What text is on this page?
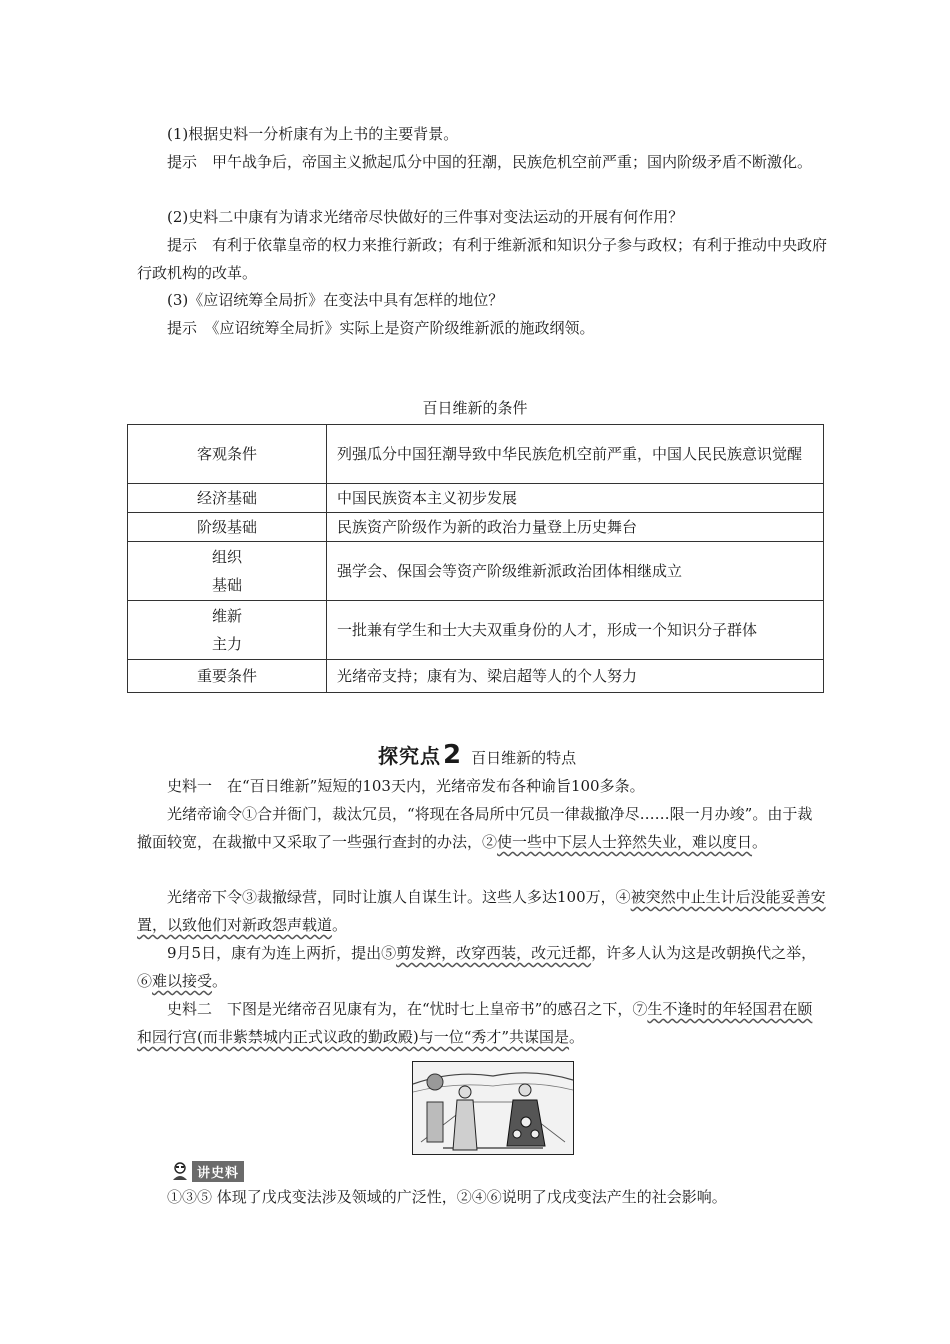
(1)根据史料一分析康有为上书的主要背景。

提示　甲午战争后，帝国主义掀起瓜分中国的狂潮，民族危机空前严重；国内阶级矛盾不断激化。

(2)史料二中康有为请求光绪帝尽快做好的三件事对变法运动的开展有何作用？

提示　有利于依靠皇帝的权力来推行新政；有利于维新派和知识分子参与政权；有利于推动中央政府行政机构的改革。

(3)《应诏统筹全局折》在变法中具有怎样的地位？

提示　《应诏统筹全局折》实际上是资产阶级维新派的施政纲领。

百日维新的条件
客观条件	列强瓜分中国狂潮导致中华民族危机空前严重，中国人民民族意识觉醒
经济基础	中国民族资本主义初步发展
阶级基础	民族资产阶级作为新的政治力量登上历史舞台

组织
基础	强学会、保国会等资产阶级维新派政治团体相继成立

维新
主力	一批兼有学生和士大夫双重身份的人才，形成一个知识分子群体
重要条件	光绪帝支持；康有为、梁启超等人的个人努力
探究点 2 百日维新的特点

史料一　在“百日维新”短短的103天内，光绪帝发布各种谕旨100多条。

光绪帝谕令①合并衙门，裁汰冗员，“将现在各局所中冗员一律裁撤净尽……限一月办竣”。由于裁撤面较宽，在裁撤中又采取了一些强行查封的办法，②使一些中下层人士猝然失业，难以度日。

光绪帝下令③裁撤绿营，同时让旗人自谋生计。这些人多达100万，④被突然中止生计后没能妥善安置，以致他们对新政怨声载道。

9月5日，康有为连上两折，提出⑤剪发辫，改穿西装，改元迁都，许多人认为这是改朝换代之举，⑥难以接受。

史料二　下图是光绪帝召见康有为，在“忧时七上皇帝书”的感召之下，⑦生不逢时的年轻国君在颐和园行宫(而非紫禁城内正式议政的勤政殿)与一位“秀才”共谋国是。

讲史料

①③⑤ 体现了戊戌变法涉及领域的广泛性，②④⑥说明了戊戌变法产生的社会影响。
